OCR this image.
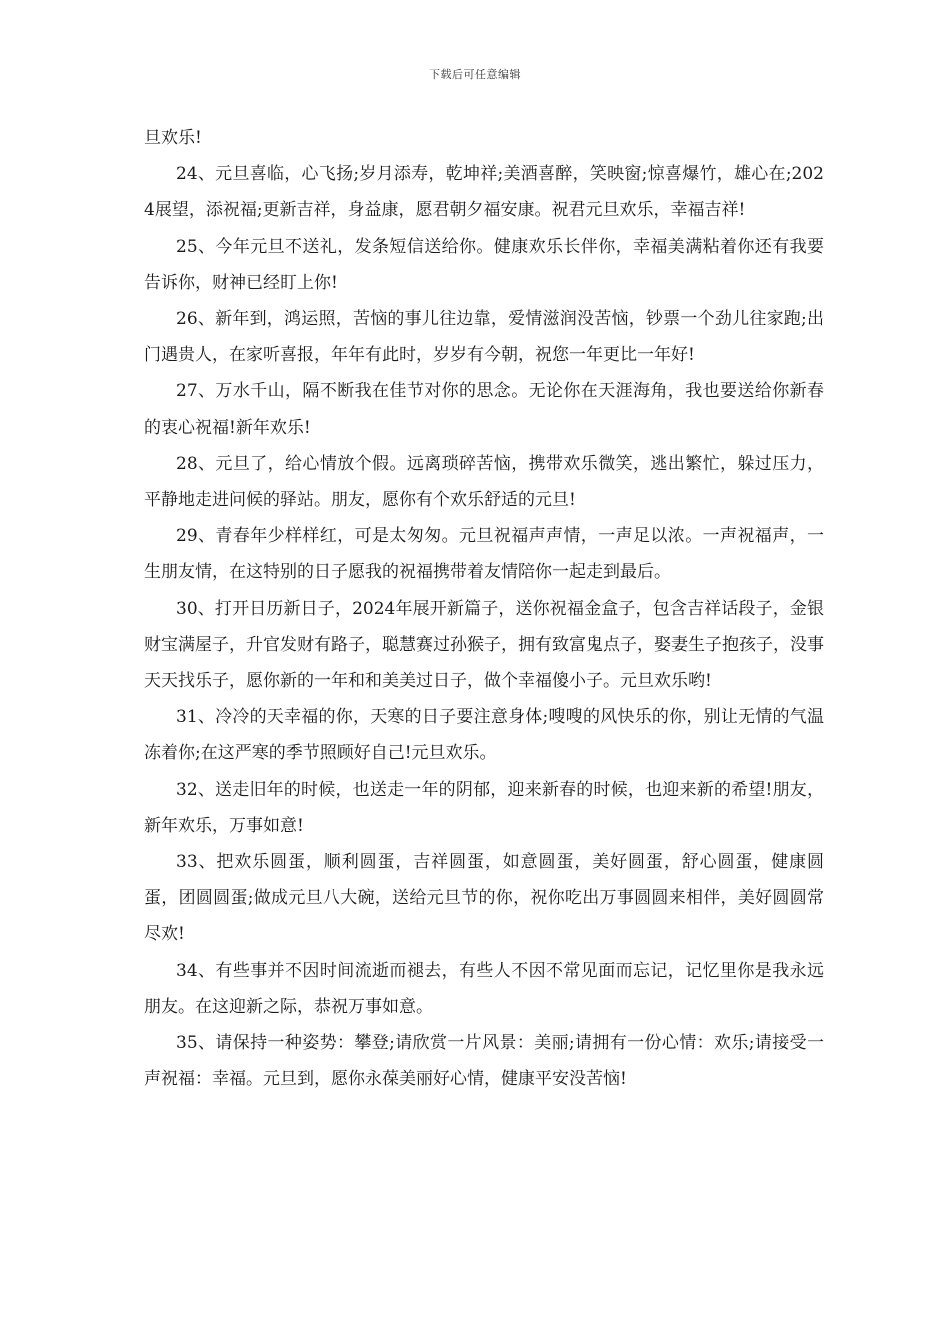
下载后可任意编辑

旦欢乐!

24、元旦喜临，心飞扬;岁月添寿，乾坤祥;美酒喜醉，笑映窗;惊喜爆竹，雄心在;2024展望，添祝福;更新吉祥，身益康，愿君朝夕福安康。祝君元旦欢乐，幸福吉祥!

25、今年元旦不送礼，发条短信送给你。健康欢乐长伴你，幸福美满粘着你还有我要告诉你，财神已经盯上你!

26、新年到，鸿运照，苦恼的事儿往边靠，爱情滋润没苦恼，钞票一个劲儿往家跑;出门遇贵人，在家听喜报，年年有此时，岁岁有今朝，祝您一年更比一年好!

27、万水千山，隔不断我在佳节对你的思念。无论你在天涯海角，我也要送给你新春的衷心祝福!新年欢乐!

28、元旦了，给心情放个假。远离琐碎苦恼，携带欢乐微笑，逃出繁忙，躲过压力，平静地走进问候的驿站。朋友，愿你有个欢乐舒适的元旦!

29、青春年少样样红，可是太匆匆。元旦祝福声声情，一声足以浓。一声祝福声，一生朋友情，在这特别的日子愿我的祝福携带着友情陪你一起走到最后。

30、打开日历新日子，2024年展开新篇子，送你祝福金盒子，包含吉祥话段子，金银财宝满屋子，升官发财有路子，聪慧赛过孙猴子，拥有致富鬼点子，娶妻生子抱孩子，没事天天找乐子，愿你新的一年和和美美过日子，做个幸福傻小子。元旦欢乐哟!

31、冷冷的天幸福的你，天寒的日子要注意身体;嗖嗖的风快乐的你，别让无情的气温冻着你;在这严寒的季节照顾好自己!元旦欢乐。

32、送走旧年的时候，也送走一年的阴郁，迎来新春的时候，也迎来新的希望!朋友，新年欢乐，万事如意!

33、把欢乐圆蛋，顺利圆蛋，吉祥圆蛋，如意圆蛋，美好圆蛋，舒心圆蛋，健康圆蛋，团圆圆蛋;做成元旦八大碗，送给元旦节的你，祝你吃出万事圆圆来相伴，美好圆圆常尽欢!

34、有些事并不因时间流逝而褪去，有些人不因不常见面而忘记，记忆里你是我永远朋友。在这迎新之际，恭祝万事如意。

35、请保持一种姿势：攀登;请欣赏一片风景：美丽;请拥有一份心情：欢乐;请接受一声祝福：幸福。元旦到，愿你永葆美丽好心情，健康平安没苦恼!
